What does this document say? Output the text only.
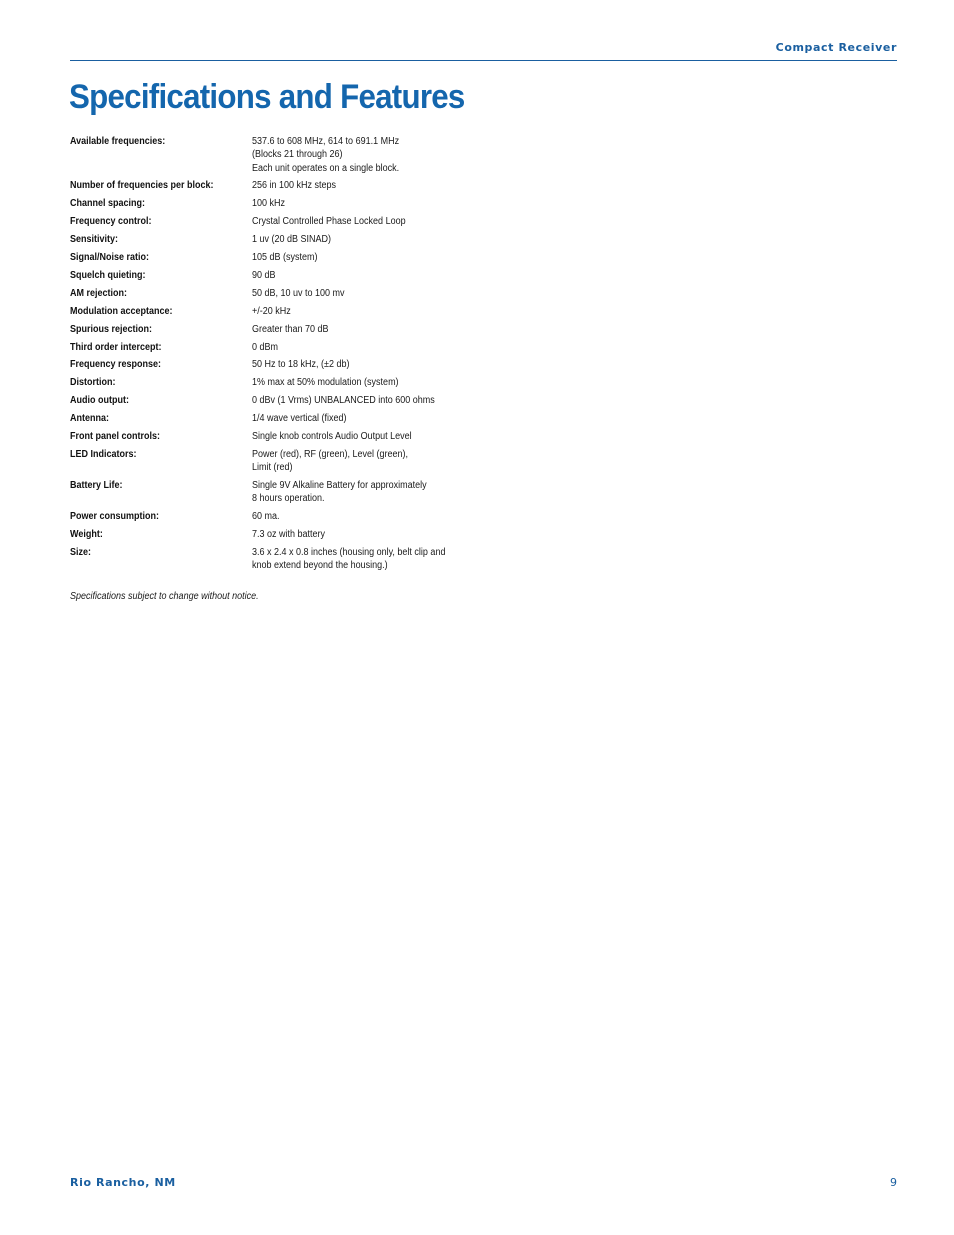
Compact Receiver
Specifications and Features
Available frequencies:	537.6 to 608 MHz, 614 to 691.1 MHz
(Blocks 21 through 26)
Each unit operates on a single block.
Number of frequencies per block:	256 in 100 kHz steps
Channel spacing:	100 kHz
Frequency control:	Crystal Controlled Phase Locked Loop
Sensitivity:	1 uv (20 dB SINAD)
Signal/Noise ratio:	105 dB (system)
Squelch quieting:	90 dB
AM rejection:	50 dB, 10 uv to 100 mv
Modulation acceptance:	+/-20 kHz
Spurious rejection:	Greater than 70 dB
Third order intercept:	0 dBm
Frequency response:	50 Hz to 18 kHz, (±2 db)
Distortion:	1% max at 50% modulation (system)
Audio output:	0 dBv (1 Vrms) UNBALANCED into 600 ohms
Antenna:	1/4 wave vertical (fixed)
Front panel controls:	Single knob controls Audio Output Level
LED Indicators:	Power (red), RF (green), Level (green),
Limit (red)
Battery Life:	Single 9V Alkaline Battery for approximately
8 hours operation.
Power consumption:	60 ma.
Weight:	7.3 oz with battery
Size:	3.6 x 2.4 x 0.8 inches (housing only, belt clip and
knob extend beyond the housing.)
Specifications subject to change without notice.
Rio Rancho, NM	9
